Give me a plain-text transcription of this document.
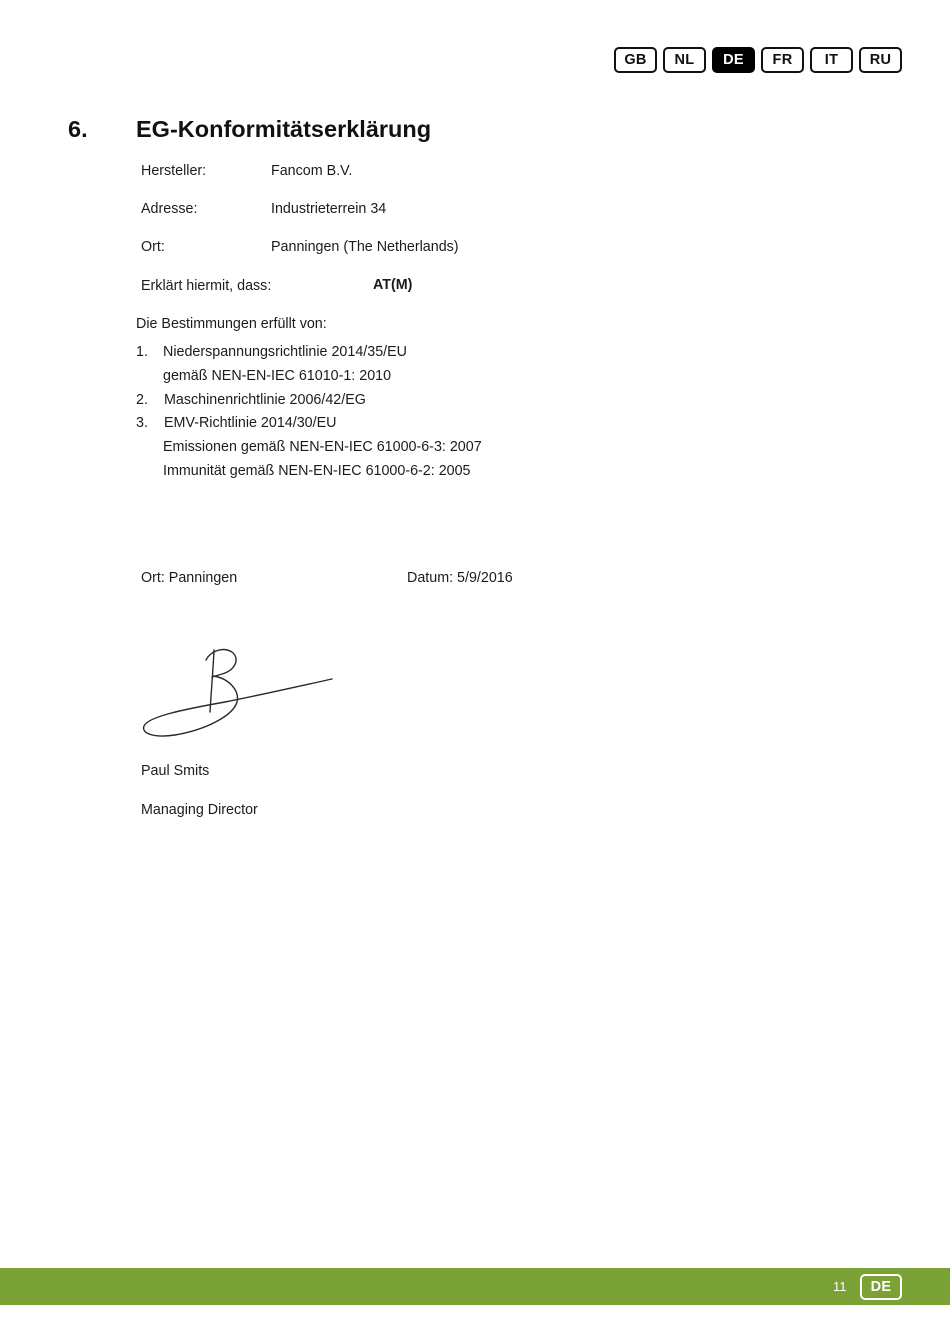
GB	NL	DE	FR	IT	RU
6. EG-Konformitätserklärung
Hersteller:	Fancom B.V.
Adresse:	Industrieterrein 34
Ort:	Panningen (The Netherlands)
Erklärt hiermit, dass:	AT(M)
Die Bestimmungen erfüllt von:
1. Niederspannungsrichtlinie 2014/35/EU
gemäß NEN-EN-IEC 61010-1: 2010
2. Maschinenrichtlinie 2006/42/EG
3. EMV-Richtlinie 2014/30/EU
Emissionen gemäß NEN-EN-IEC 61000-6-3: 2007
Immunität gemäß NEN-EN-IEC 61000-6-2: 2005
Ort: Panningen	Datum: 5/9/2016
Paul Smits
Managing Director
11	DE
